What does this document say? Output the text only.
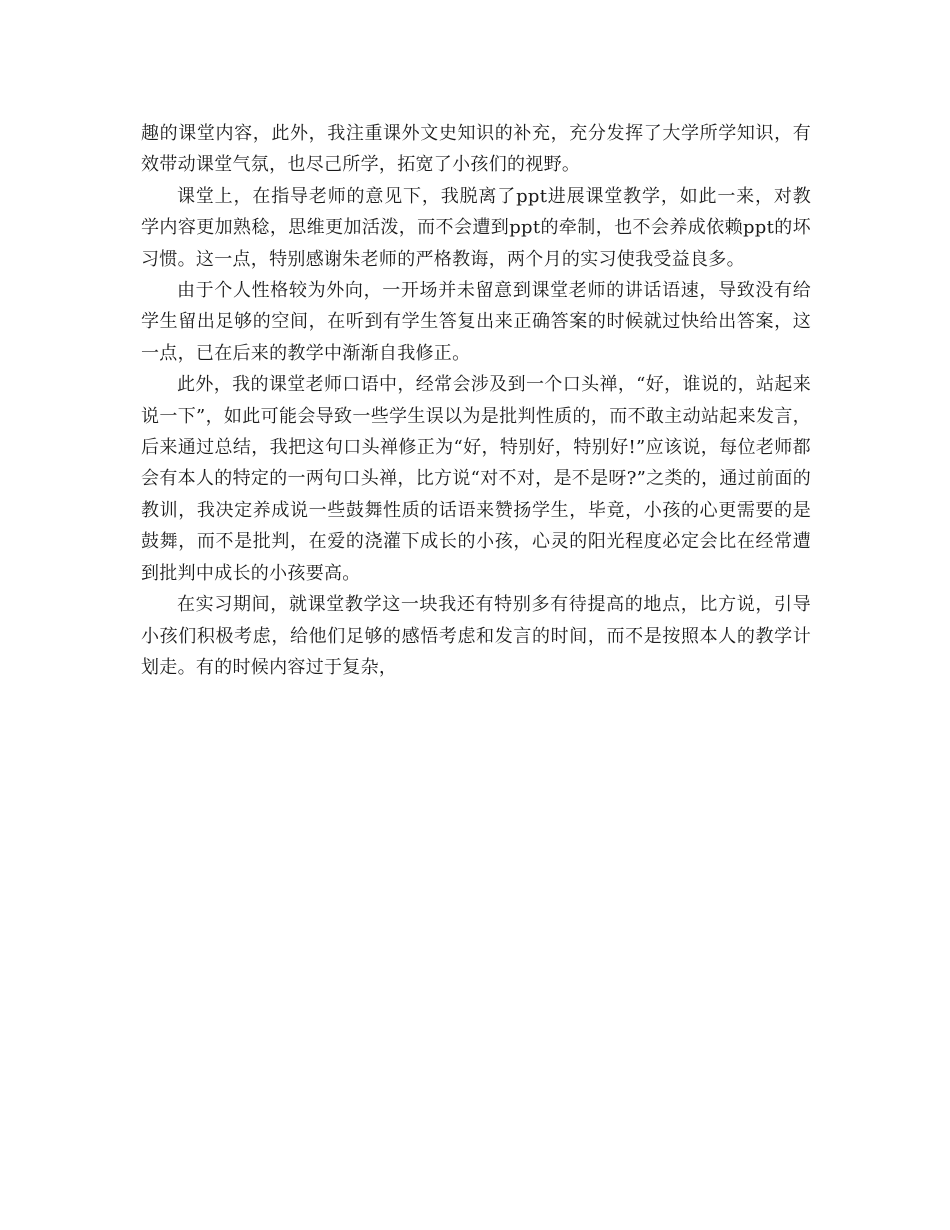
趣的课堂内容，此外，我注重课外文史知识的补充，充分发挥了大学所学知识，有效带动课堂气氛，也尽己所学，拓宽了小孩们的视野。

课堂上，在指导老师的意见下，我脱离了ppt进展课堂教学，如此一来，对教学内容更加熟稔，思维更加活泼，而不会遭到ppt的牵制，也不会养成依赖ppt的坏习惯。这一点，特别感谢朱老师的严格教诲，两个月的实习使我受益良多。

由于个人性格较为外向，一开场并未留意到课堂老师的讲话语速，导致没有给学生留出足够的空间，在听到有学生答复出来正确答案的时候就过快给出答案，这一点，已在后来的教学中渐渐自我修正。

此外，我的课堂老师口语中，经常会涉及到一个口头禅，“好，谁说的，站起来说一下”，如此可能会导致一些学生误以为是批判性质的，而不敢主动站起来发言，后来通过总结，我把这句口头禅修正为“好，特别好，特别好!”应该说，每位老师都会有本人的特定的一两句口头禅，比方说“对不对，是不是呀?”之类的，通过前面的教训，我决定养成说一些鼓舞性质的话语来赞扬学生，毕竟，小孩的心更需要的是鼓舞，而不是批判，在爱的浇灌下成长的小孩，心灵的阳光程度必定会比在经常遭到批判中成长的小孩要高。

在实习期间，就课堂教学这一块我还有特别多有待提高的地点，比方说，引导小孩们积极考虑，给他们足够的感悟考虑和发言的时间，而不是按照本人的教学计划走。有的时候内容过于复杂，
